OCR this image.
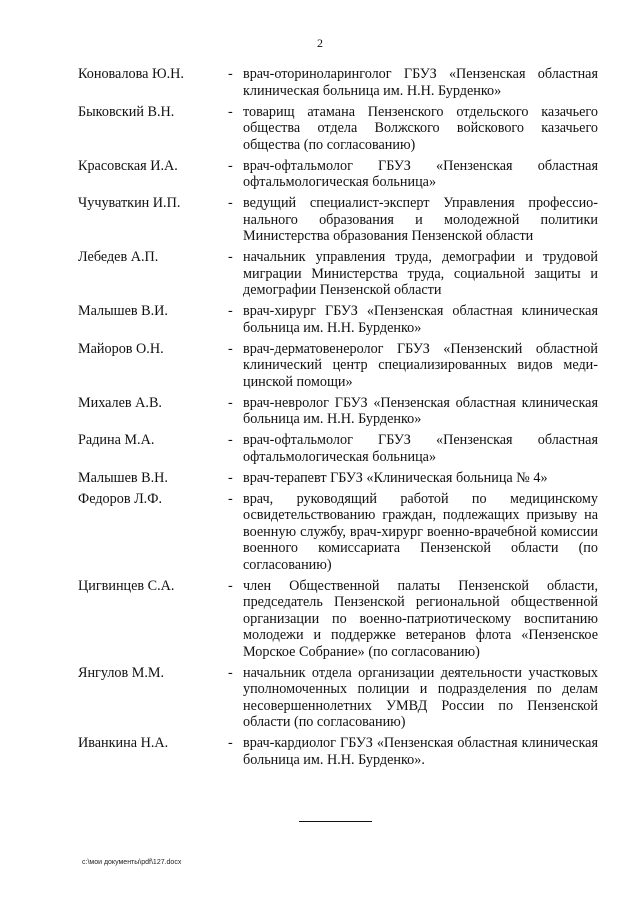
2
Коновалова Ю.Н.	- врач-оториноларинголог ГБУЗ «Пензенская областная клиническая больница им. Н.Н. Бурденко»
Быковский В.Н.	- товарищ атамана Пензенского отдельского казачьего общества отдела Волжского войскового казачьего общества (по согласованию)
Красовская И.А.	- врач-офтальмолог ГБУЗ «Пензенская областная офтальмологическая больница»
Чучуваткин И.П.	- ведущий специалист-эксперт Управления профессио- нального образования и молодежной политики Министерства образования Пензенской области
Лебедев А.П.	- начальник управления труда, демографии и трудовой миграции Министерства труда, социальной защиты и демографии Пензенской области
Малышев В.И.	- врач-хирург ГБУЗ «Пензенская областная клиническая больница им. Н.Н. Бурденко»
Майоров О.Н.	- врач-дерматовенеролог ГБУЗ «Пензенский областной клинический центр специализированных видов меди- цинской помощи»
Михалев А.В.	- врач-невролог ГБУЗ «Пензенская областная клиническая больница им. Н.Н. Бурденко»
Радина М.А.	- врач-офтальмолог ГБУЗ «Пензенская областная офтальмологическая больница»
Малышев В.Н.	- врач-терапевт ГБУЗ «Клиническая больница № 4»
Федоров Л.Ф.	- врач, руководящий работой по медицинскому освидетельствованию граждан, подлежащих призыву на военную службу, врач-хирург военно-врачебной комиссии военного комиссариата Пензенской области (по согласованию)
Цигвинцев С.А.	- член Общественной палаты Пензенской области, председатель Пензенской региональной общественной организации по военно-патриотическому воспитанию молодежи и поддержке ветеранов флота «Пензенское Морское Собрание» (по согласованию)
Янгулов М.М.	- начальник отдела организации деятельности участковых уполномоченных полиции и подразделения по делам несовершеннолетних УМВД России по Пензенской области (по согласованию)
Иванкина Н.А.	- врач-кардиолог ГБУЗ «Пензенская областная клиническая больница им. Н.Н. Бурденко».
c:\мои документы\pdf\127.docx
